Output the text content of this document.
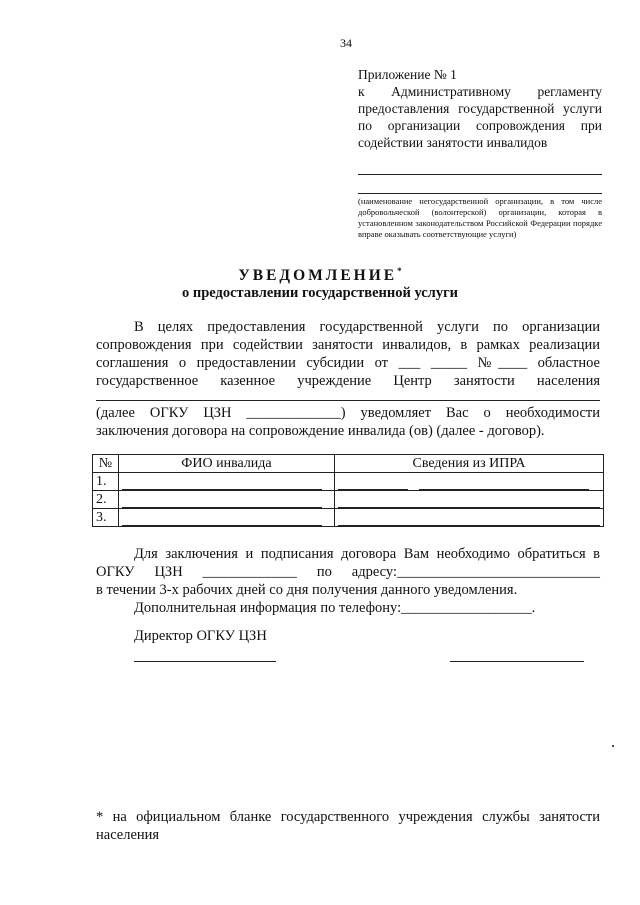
34
Приложение № 1
к Административному регламенту
предоставления государственной услуги
по организации сопровождения при
содействии занятости инвалидов
(наименование негосударственной организации, в том числе добровольческой (волонтерской) организации, которая в установленном законодательством Российской Федерации порядке вправе оказывать соответствующие услуги)
УВЕДОМЛЕНИЕ*
о предоставлении государственной услуги
В целях предоставления государственной услуги по организации
сопровождения при содействии занятости инвалидов, в рамках реализации
соглашения о предоставлении субсидии от ___ _____ №____ областное
государственное казенное учреждение Центр занятости населения
(далее ОГКУ ЦЗН _____________) уведомляет Вас о необходимости
заключения договора на сопровождение инвалида (ов) (далее - договор).
№	ФИО инвалида	Сведения из ИПРА
1.		
2.		
3.		
Для заключения и подписания договора Вам необходимо обратиться в
ОГКУ ЦЗН _____________ по адресу:____________________________
в течении 3-х рабочих дней со дня получения данного уведомления.
Дополнительная информация по телефону:__________________.
Директор ОГКУ ЦЗН
* на официальном бланке государственного учреждения службы занятости
населения
